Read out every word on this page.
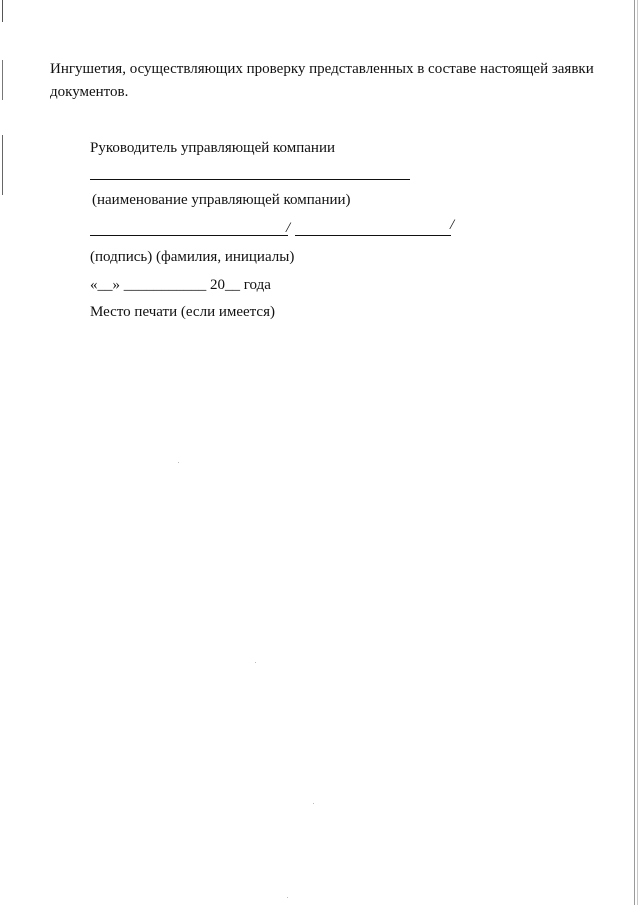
Ингушетия, осуществляющих проверку представленных в составе настоящей заявки документов.
Руководитель управляющей компании
(наименование управляющей компании)
/	/
(подпись) (фамилия, инициалы)
«__» ___________ 20__ года
Место печати (если имеется)
